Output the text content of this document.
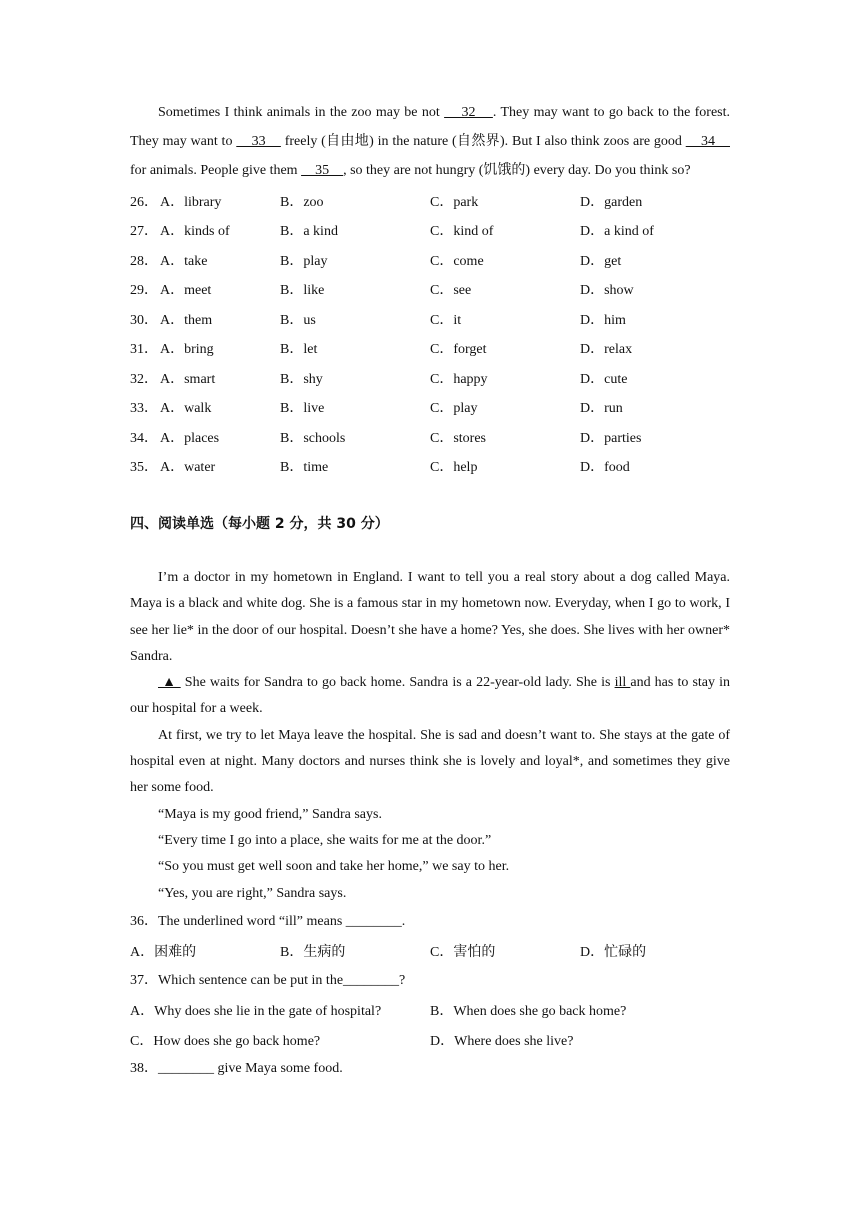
Sometimes I think animals in the zoo may be not     32    . They may want to go back to the forest. They may want to     33     freely (自由地) in the nature (自然界). But I also think zoos are good     34     for animals. People give them     35    , so they are not hungry (饥饿的) every day. Do you think so?

26． A．library	B．zoo	C．park	D．garden
27． A．kinds of	B．a kind	C．kind of	D．a kind of
28． A．take	B．play	C．come	D．get
29． A．meet	B．like	C．see	D．show
30． A．them	B．us	C．it	D．him
31． A．bring	B．let	C．forget	D．relax
32． A．smart	B．shy	C．happy	D．cute
33． A．walk	B．live	C．play	D．run
34． A．places	B．schools	C．stores	D．parties
35． A．water	B．time	C．help	D．food
四、阅读单选（每小题 2 分，共 30 分）

I’m a doctor in my hometown in England. I want to tell you a real story about a dog called Maya. Maya is a black and white dog. She is a famous star in my hometown now. Everyday, when I go to work, I see her lie* in the door of our hospital. Doesn’t she have a home? Yes, she does. She lives with her owner* Sandra.

▲  She waits for Sandra to go back home. Sandra is a 22-year-old lady. She is ill and has to stay in our hospital for a week.

At first, we try to let Maya leave the hospital. She is sad and doesn’t want to. She stays at the gate of hospital even at night. Many doctors and nurses think she is lovely and loyal*, and sometimes they give her some food.

“Maya is my good friend,” Sandra says.

“Every time I go into a place, she waits for me at the door.”

“So you must get well soon and take her home,” we say to her.

“Yes, you are right,” Sandra says.

36．The underlined word “ill” means ________.
A．困难的	B．生病的	C．害怕的	D．忙碌的
37．Which sentence can be put in the________?
A．Why does she lie in the gate of hospital?	B．When does she go back home?
C．How does she go back home?	D．Where does she live?
38．________ give Maya some food.
